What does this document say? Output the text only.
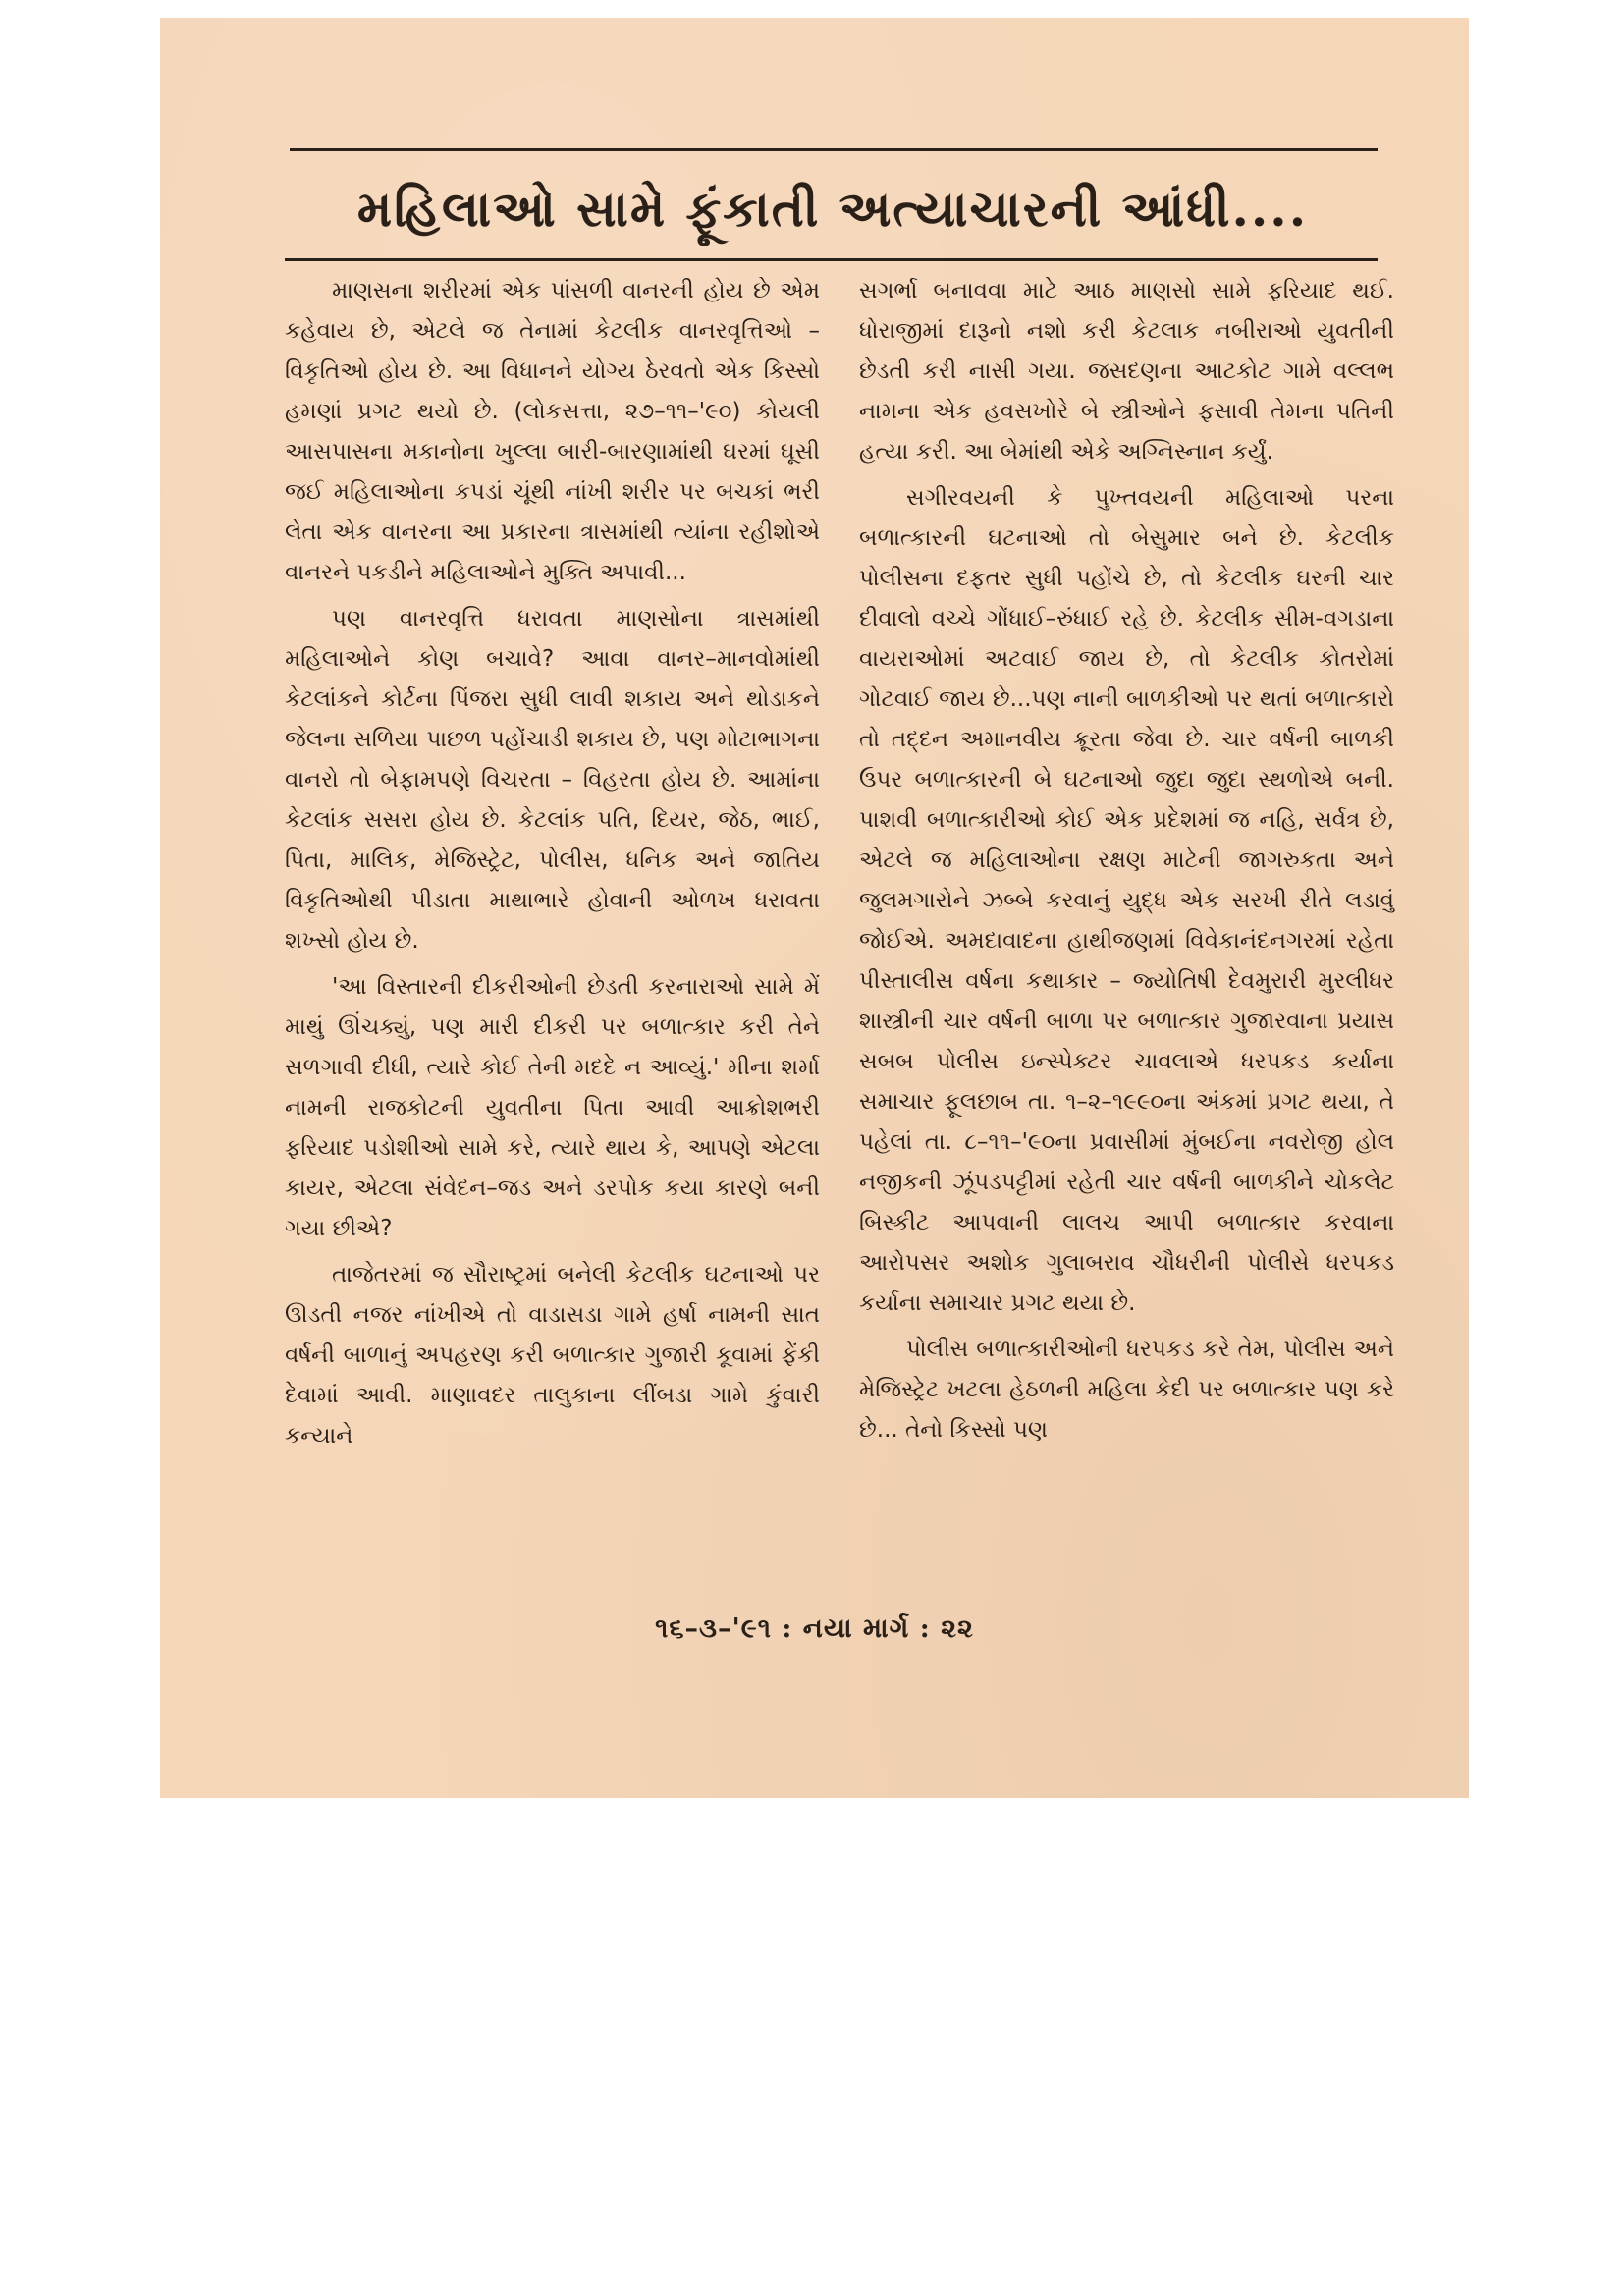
મહિલાઓ સામે ફૂંકાતી અત્યાચારની આંધી....

માણસના શરીરમાં એક પાંસળી વાનરની હોય છે એમ કહેવાય છે, એટલે જ તેનામાં કેટલીક વાનરવૃત્તિઓ – વિકૃતિઓ હોય છે. આ વિધાનને યોગ્ય ઠેરવતો એક કિસ્સો હમણાં પ્રગટ થયો છે. (લોકસત્તા, ૨૭–૧૧–'૯૦) કોયલી આસપાસના મકાનોના ખુલ્લા બારી-બારણામાંથી ઘરમાં ઘૂસી જઈ મહિલાઓના કપડાં ચૂંથી નાંખી શરીર પર બચકાં ભરી લેતા એક વાનરના આ પ્રકારના ત્રાસમાંથી ત્યાંના રહીશોએ વાનરને પકડીને મહિલાઓને મુક્તિ અપાવી...

પણ વાનરવૃત્તિ ધરાવતા માણસોના ત્રાસમાંથી મહિલાઓને કોણ બચાવે? આવા વાનર–માનવોમાંથી કેટલાંકને કોર્ટના પિંજરા સુધી લાવી શકાય અને થોડાકને જેલના સળિયા પાછળ પહોંચાડી શકાય છે, પણ મોટાભાગના વાનરો તો બેફામપણે વિચરતા – વિહરતા હોય છે. આમાંના કેટલાંક સસરા હોય છે. કેટલાંક પતિ, દિયર, જેઠ, ભાઈ, પિતા, માલિક, મેજિસ્ટ્રેટ, પોલીસ, ધનિક અને જાતિય વિકૃતિઓથી પીડાતા માથાભારે હોવાની ઓળખ ધરાવતા શખ્સો હોય છે.

'આ વિસ્તારની દીકરીઓની છેડતી કરનારાઓ સામે મેં માથું ઊંચક્યું, પણ મારી દીકરી પર બળાત્કાર કરી તેને સળગાવી દીધી, ત્યારે કોઈ તેની મદદે ન આવ્યું.' મીના શર્મા નામની રાજકોટની યુવતીના પિતા આવી આક્રોશભરી ફરિયાદ પડોશીઓ સામે કરે, ત્યારે થાય કે, આપણે એટલા કાયર, એટલા સંવેદન–જડ અને ડરપોક કયા કારણે બની ગયા છીએ?

તાજેતરમાં જ સૌરાષ્ટ્રમાં બનેલી કેટલીક ઘટનાઓ પર ઊડતી નજર નાંખીએ તો વાડાસડા ગામે હર્ષા નામની સાત વર્ષની બાળાનું અપહરણ કરી બળાત્કાર ગુજારી કૂવામાં ફેંકી દેવામાં આવી. માણાવદર તાલુકાના લીંબડા ગામે કુંવારી કન્યાને

સગર્ભા બનાવવા માટે આઠ માણસો સામે ફરિયાદ થઈ. ધોરાજીમાં દારૂનો નશો કરી કેટલાક નબીરાઓ યુવતીની છેડતી કરી નાસી ગયા. જસદણના આટકોટ ગામે વલ્લભ નામના એક હવસખોરે બે સ્ત્રીઓને ફસાવી તેમના પતિની હત્યા કરી. આ બેમાંથી એકે અગ્નિસ્નાન કર્યું.

સગીરવયની કે પુખ્તવયની મહિલાઓ પરના બળાત્કારની ઘટનાઓ તો બેસુમાર બને છે. કેટલીક પોલીસના દફતર સુધી પહોંચે છે, તો કેટલીક ઘરની ચાર દીવાલો વચ્ચે ગોંધાઈ–રુંધાઈ રહે છે. કેટલીક સીમ-વગડાના વાયરાઓમાં અટવાઈ જાય છે, તો કેટલીક કોતરોમાં ગોટવાઈ જાય છે...પણ નાની બાળકીઓ પર થતાં બળાત્કારો તો તદ્દન અમાનવીય ક્રૂરતા જેવા છે. ચાર વર્ષની બાળકી ઉપર બળાત્કારની બે ઘટનાઓ જુદા જુદા સ્થળોએ બની. પાશવી બળાત્કારીઓ કોઈ એક પ્રદેશમાં જ નહિ, સર્વત્ર છે, એટલે જ મહિલાઓના રક્ષણ માટેની જાગરુકતા અને જુલમગારોને ઝબ્બે કરવાનું યુદ્ધ એક સરખી રીતે લડાવું જોઈએ. અમદાવાદના હાથીજણમાં વિવેકાનંદનગરમાં રહેતા પીસ્તાલીસ વર્ષના કથાકાર – જ્યોતિષી દેવમુરારી મુરલીધર શાસ્ત્રીની ચાર વર્ષની બાળા પર બળાત્કાર ગુજારવાના પ્રયાસ સબબ પોલીસ ઇન્સ્પેક્ટર ચાવલાએ ધરપકડ કર્યાના સમાચાર ફૂલછાબ તા. ૧–૨–૧૯૯૦ના અંકમાં પ્રગટ થયા, તે પહેલાં તા. ૮–૧૧–'૯૦ના પ્રવાસીમાં મુંબઈના નવરોજી હોલ નજીકની ઝૂંપડપટ્ટીમાં રહેતી ચાર વર્ષની બાળકીને ચોકલેટ બિસ્કીટ આપવાની લાલચ આપી બળાત્કાર કરવાના આરોપસર અશોક ગુલાબરાવ ચૌધરીની પોલીસે ધરપકડ કર્યાના સમાચાર પ્રગટ થયા છે.

પોલીસ બળાત્કારીઓની ધરપકડ કરે તેમ, પોલીસ અને મેજિસ્ટ્રેટ ખટલા હેઠળની મહિલા કેદી પર બળાત્કાર પણ કરે છે... તેનો કિસ્સો પણ

૧૬–૩–'૯૧ : નયા માર્ગ : ૨૨
